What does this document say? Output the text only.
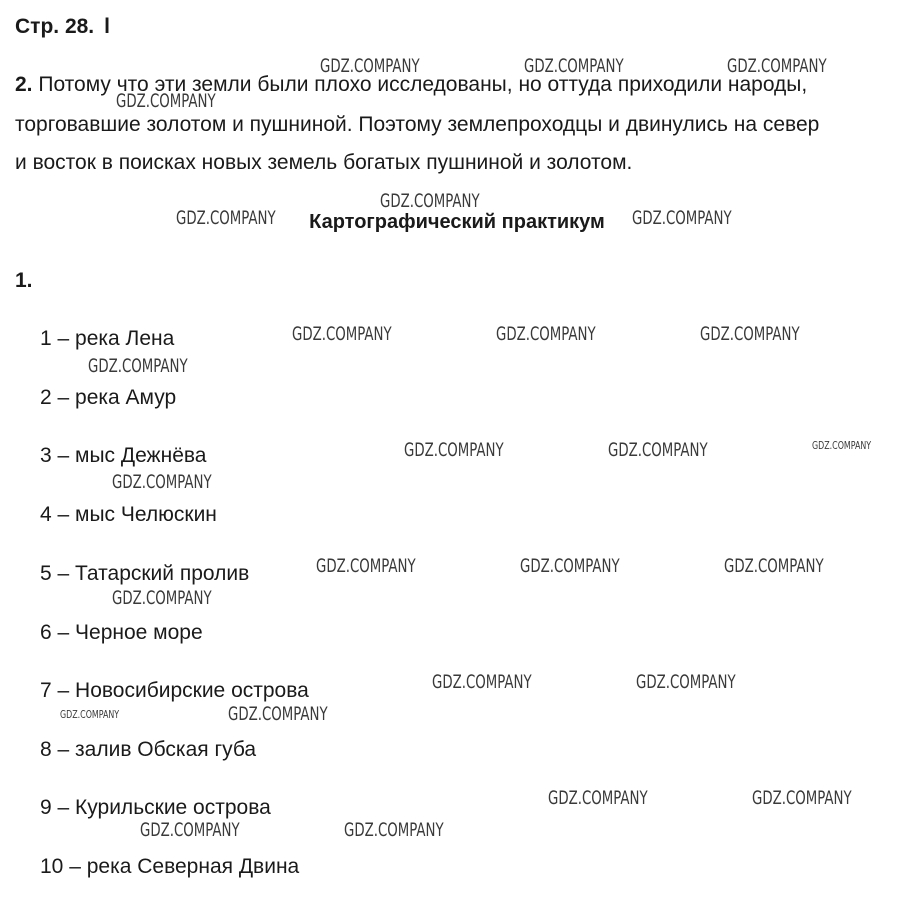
Стр. 28.  l
2. Потому что эти земли были плохо исследованы, но оттуда приходили народы,
торговавшие золотом и пушниной. Поэтому землепроходцы и двинулись на север
и восток в поисках новых земель богатых пушниной и золотом.
Картографический практикум
1.
1 – река Лена
2 – река Амур
3 – мыс Дежнёва
4 – мыс Челюскин
5 – Татарский пролив
6 – Черное море
7 – Новосибирские острова
8 – залив Обская губа
9 – Курильские острова
10 – река Северная Двина
GDZ.COMPANY	GDZ.COMPANY	GDZ.COMPANY
GDZ.COMPANY
GDZ.COMPANY
GDZ.COMPANY	GDZ.COMPANY
GDZ.COMPANY	GDZ.COMPANY	GDZ.COMPANY
GDZ.COMPANY
GDZ.COMPANY	GDZ.COMPANY	GDZ.COMPANY
GDZ.COMPANY
GDZ.COMPANY	GDZ.COMPANY	GDZ.COMPANY
GDZ.COMPANY
GDZ.COMPANY	GDZ.COMPANY
GDZ.COMPANY	GDZ.COMPANY
GDZ.COMPANY	GDZ.COMPANY
GDZ.COMPANY	GDZ.COMPANY
